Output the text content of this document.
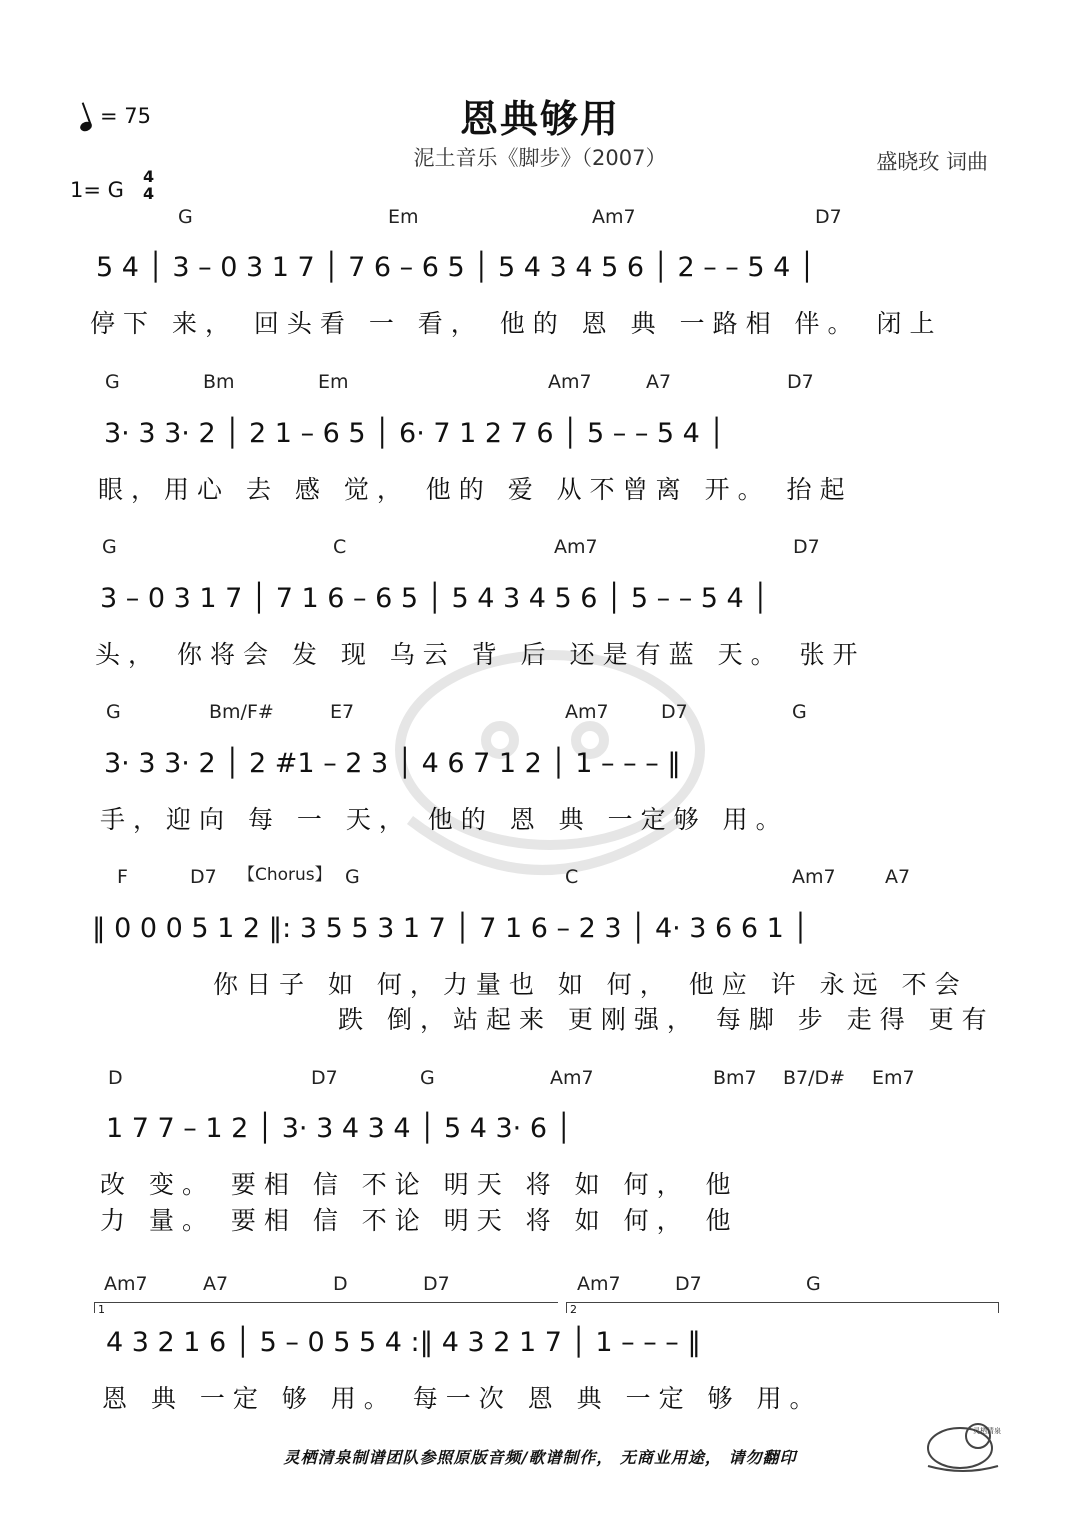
= 75	恩典够用
泥土音乐《脚步》（2007）	盛晓玫 词曲
1= G
4
4
G	Em	Am7	D7
5 4 │ 3 – 0 3 1 7 │ 7 6 – 6 5 │ 5 4 3 4 5 6 │ 2 – – 5 4 │
停下 来， 回头看 一 看， 他的 恩 典 一路相 伴。 闭上
G	Bm	Em	Am7	A7	D7
3· 3 3· 2 │ 2 1 – 6 5 │ 6· 7 1 2 7 6 │ 5 – – 5 4 │
眼，用心 去 感 觉， 他的 爱 从不曾离 开。 抬起
G	C	Am7	D7
3 – 0 3 1 7 │ 7 1 6 – 6 5 │ 5 4 3 4 5 6 │ 5 – – 5 4 │
头， 你将会 发 现 乌云 背 后 还是有蓝 天。 张开
G	Bm/F#	E7	Am7	D7	G
3· 3 3· 2 │ 2 #1 – 2 3 │ 4 6 7 1 2 │ 1 – – – ‖
手，迎向 每 一 天， 他的 恩 典 一定够 用。
F	D7 【Chorus】 G	C	Am7	A7
‖ 0 0 0 5 1 2 ‖: 3 5 5 3 1 7 │ 7 1 6 – 2 3 │ 4· 3 6 6 1 │
你日子 如 何，力量也 如 何， 他应 许 永远 不会
跌 倒，站起来 更刚强， 每脚 步 走得 更有
D	D7	G	Am7	Bm7 B7/D# Em7
1 7 7 – 1 2 │ 3· 3 4 3 4 │ 5 4 3· 6 │
改 变。 要相 信 不论 明天 将 如 何， 他
力 量。 要相 信 不论 明天 将 如 何， 他
Am7	A7	D	D7	Am7	D7	G
1	2
4 3 2 1 6 │ 5 – 0 5 5 4 :‖ 4 3 2 1 7 │ 1 – – – ‖
恩 典 一定 够 用。 每一次 恩 典 一定 够 用。
灵栖清泉制谱团队参照原版音频/歌谱制作， 无商业用途， 请勿翻印
灵栖清泉
